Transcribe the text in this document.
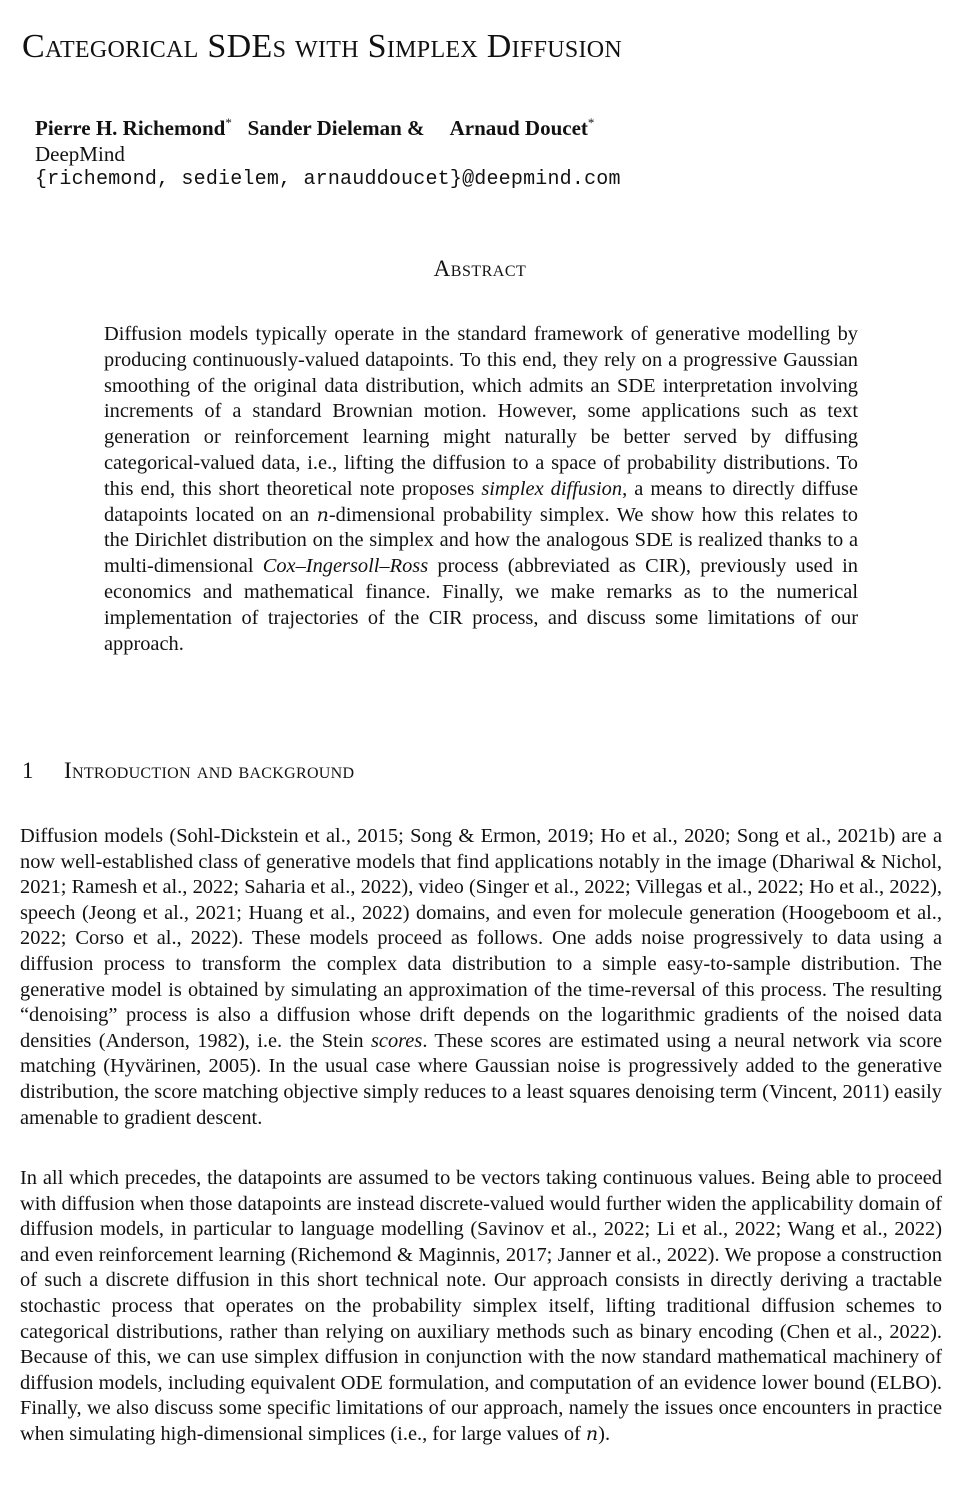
Categorical SDEs with Simplex Diffusion
Pierre H. Richemond* Sander Dieleman & Arnaud Doucet*
DeepMind
{richemond, sedielem, arnauddoucet}@deepmind.com
Abstract

Diffusion models typically operate in the standard framework of generative modelling by producing continuously-valued datapoints. To this end, they rely on a progressive Gaussian smoothing of the original data distribution, which admits an SDE interpretation involving increments of a standard Brownian motion. However, some applications such as text generation or reinforcement learning might naturally be better served by diffusing categorical-valued data, i.e., lifting the diffusion to a space of probability distributions. To this end, this short theoretical note proposes simplex diffusion, a means to directly diffuse datapoints located on an n-dimensional probability simplex. We show how this relates to the Dirichlet distribution on the simplex and how the analogous SDE is realized thanks to a multi-dimensional Cox–Ingersoll–Ross process (abbreviated as CIR), previously used in economics and mathematical finance. Finally, we make remarks as to the numerical implementation of trajectories of the CIR process, and discuss some limitations of our approach.

1 Introduction and background

Diffusion models (Sohl-Dickstein et al., 2015; Song & Ermon, 2019; Ho et al., 2020; Song et al., 2021b) are a now well-established class of generative models that find applications notably in the image (Dhariwal & Nichol, 2021; Ramesh et al., 2022; Saharia et al., 2022), video (Singer et al., 2022; Villegas et al., 2022; Ho et al., 2022), speech (Jeong et al., 2021; Huang et al., 2022) domains, and even for molecule generation (Hoogeboom et al., 2022; Corso et al., 2022). These models proceed as follows. One adds noise progressively to data using a diffusion process to transform the complex data distribution to a simple easy-to-sample distribution. The generative model is obtained by simulating an approximation of the time-reversal of this process. The resulting “denoising” process is also a diffusion whose drift depends on the logarithmic gradients of the noised data densities (Anderson, 1982), i.e. the Stein scores. These scores are estimated using a neural network via score matching (Hyvärinen, 2005). In the usual case where Gaussian noise is progressively added to the generative distribution, the score matching objective simply reduces to a least squares denoising term (Vincent, 2011) easily amenable to gradient descent.

In all which precedes, the datapoints are assumed to be vectors taking continuous values. Being able to proceed with diffusion when those datapoints are instead discrete-valued would further widen the applicability domain of diffusion models, in particular to language modelling (Savinov et al., 2022; Li et al., 2022; Wang et al., 2022) and even reinforcement learning (Richemond & Maginnis, 2017; Janner et al., 2022). We propose a construction of such a discrete diffusion in this short technical note. Our approach consists in directly deriving a tractable stochastic process that operates on the probability simplex itself, lifting traditional diffusion schemes to categorical distributions, rather than relying on auxiliary methods such as binary encoding (Chen et al., 2022). Because of this, we can use simplex diffusion in conjunction with the now standard mathematical machinery of diffusion models, including equivalent ODE formulation, and computation of an evidence lower bound (ELBO). Finally, we also discuss some specific limitations of our approach, namely the issues once encounters in practice when simulating high-dimensional simplices (i.e., for large values of n).
